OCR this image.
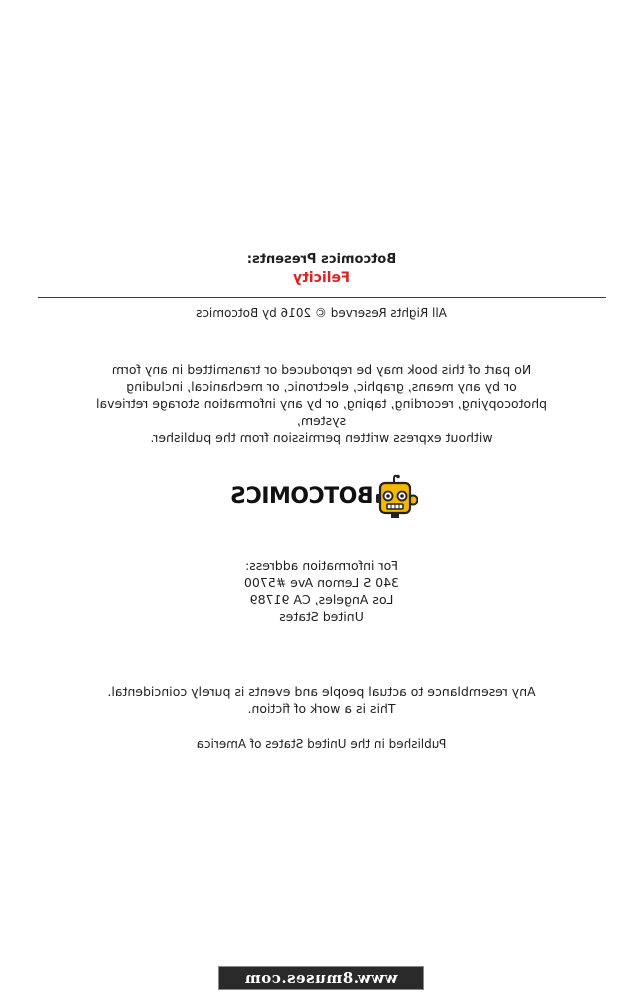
Botcomics Presents:
Felicity
All Rights Reserved © 2016 by Botcomics
No part of this book may be reproduced or transmitted in any form
or by any means, graphic, electronic, or mechanical, including
photocopying, recording, taping, or by any information storage retrieval
system,
without express written permission from the publisher.
BOTCOMICS
For information address:
340 S Lemon Ave #5700
Los Angeles, CA 91789
United States
Any resemblance to actual people and events is purely coincidental.
This is a work of fiction.
Published in the United States of America
www.8muses.com
